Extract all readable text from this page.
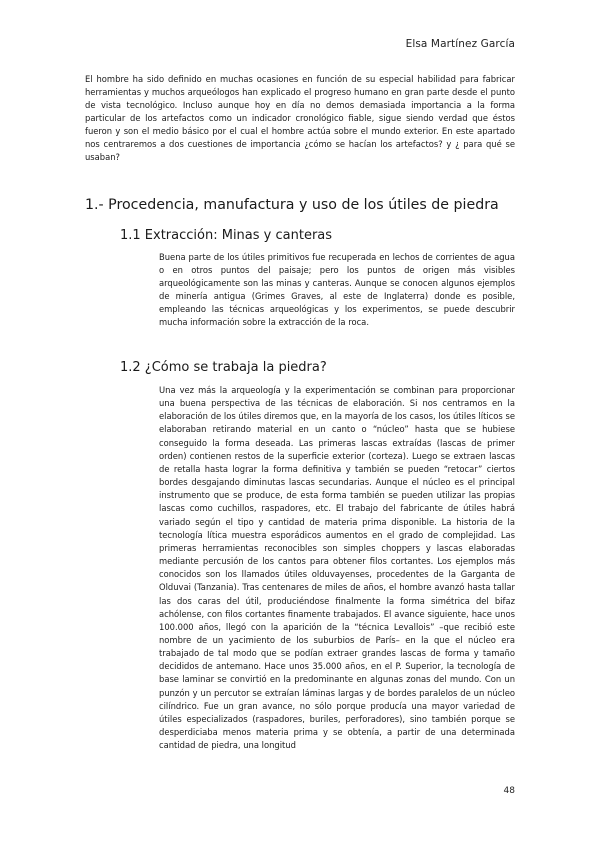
Elsa Martínez García

El hombre ha sido definido en muchas ocasiones en función de su especial habilidad para fabricar herramientas y muchos arqueólogos han explicado el progreso humano en gran parte desde el punto de vista tecnológico. Incluso aunque hoy en día no demos demasiada importancia a la forma particular de los artefactos como un indicador cronológico fiable, sigue siendo verdad que éstos fueron y son el medio básico por el cual el hombre actúa sobre el mundo exterior. En este apartado nos centraremos a dos cuestiones de importancia ¿cómo se hacían los artefactos? y ¿ para qué se usaban?

1.- Procedencia, manufactura y uso de los útiles de piedra
1.1 Extracción: Minas y canteras

Buena parte de los útiles primitivos fue recuperada en lechos de corrientes de agua o en otros puntos del paisaje; pero los puntos de origen más visibles arqueológicamente son las minas y canteras. Aunque se conocen algunos ejemplos de minería antigua (Grimes Graves, al este de Inglaterra) donde es posible, empleando las técnicas arqueológicas y los experimentos, se puede descubrir mucha información sobre la extracción de la roca.

1.2 ¿Cómo se trabaja la piedra?

Una vez más la arqueología y la experimentación se combinan para proporcionar una buena perspectiva de las técnicas de elaboración. Si nos centramos en la elaboración de los útiles diremos que, en la mayoría de los casos, los útiles líticos se elaboraban retirando material en un canto o “núcleo” hasta que se hubiese conseguido la forma deseada. Las primeras lascas extraídas (lascas de primer orden) contienen restos de la superficie exterior (corteza). Luego se extraen lascas de retalla hasta lograr la forma definitiva y también se pueden “retocar” ciertos bordes desgajando diminutas lascas secundarias. Aunque el núcleo es el principal instrumento que se produce, de esta forma también se pueden utilizar las propias lascas como cuchillos, raspadores, etc. El trabajo del fabricante de útiles habrá variado según el tipo y cantidad de materia prima disponible. La historia de la tecnología lítica muestra esporádicos aumentos en el grado de complejidad. Las primeras herramientas reconocibles son simples choppers y lascas elaboradas mediante percusión de los cantos para obtener filos cortantes. Los ejemplos más conocidos son los llamados útiles olduvayenses, procedentes de la Garganta de Olduvai (Tanzania). Tras centenares de miles de años, el hombre avanzó hasta tallar las dos caras del útil, produciéndose finalmente la forma simétrica del bifaz achólense, con filos cortantes finamente trabajados. El avance siguiente, hace unos 100.000 años, llegó con la aparición de la “técnica Levallois” –que recibió este nombre de un yacimiento de los suburbios de París– en la que el núcleo era trabajado de tal modo que se podían extraer grandes lascas de forma y tamaño decididos de antemano. Hace unos 35.000 años, en el P. Superior, la tecnología de base laminar se convirtió en la predominante en algunas zonas del mundo. Con un punzón y un percutor se extraían láminas largas y de bordes paralelos de un núcleo cilíndrico. Fue un gran avance, no sólo porque producía una mayor variedad de útiles especializados (raspadores, buriles, perforadores), sino también porque se desperdiciaba menos materia prima y se obtenía, a partir de una determinada cantidad de piedra, una longitud

48
